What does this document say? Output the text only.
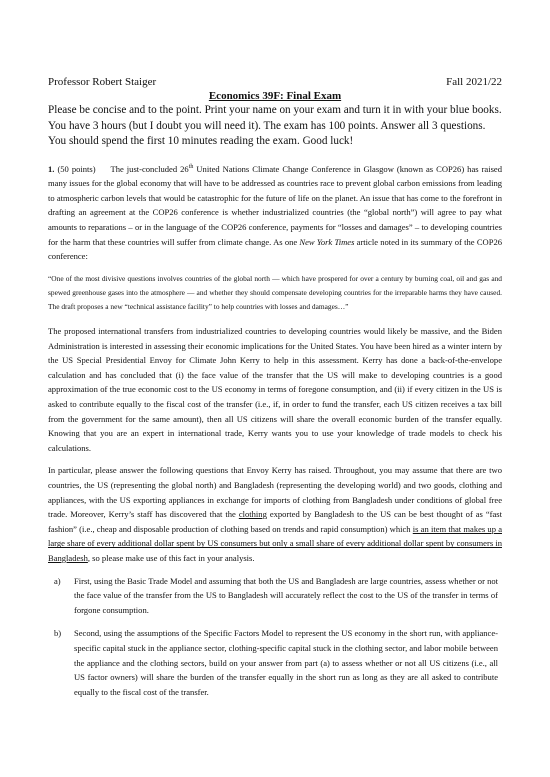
Professor Robert Staiger	Fall 2021/22
Economics 39F: Final Exam

Please be concise and to the point. Print your name on your exam and turn it in with your blue books. You have 3 hours (but I doubt you will need it). The exam has 100 points. Answer all 3 questions. You should spend the first 10 minutes reading the exam. Good luck!

1. (50 points) The just-concluded 26th United Nations Climate Change Conference in Glasgow (known as COP26) has raised many issues for the global economy that will have to be addressed as countries race to prevent global carbon emissions from leading to atmospheric carbon levels that would be catastrophic for the future of life on the planet. An issue that has come to the forefront in drafting an agreement at the COP26 conference is whether industrialized countries (the “global north”) will agree to pay what amounts to reparations – or in the language of the COP26 conference, payments for “losses and damages” – to developing countries for the harm that these countries will suffer from climate change. As one New York Times article noted in its summary of the COP26 conference:

“One of the most divisive questions involves countries of the global north — which have prospered for over a century by burning coal, oil and gas and spewed greenhouse gases into the atmosphere — and whether they should compensate developing countries for the irreparable harms they have caused. The draft proposes a new “technical assistance facility” to help countries with losses and damages…”

The proposed international transfers from industrialized countries to developing countries would likely be massive, and the Biden Administration is interested in assessing their economic implications for the United States. You have been hired as a winter intern by the US Special Presidential Envoy for Climate John Kerry to help in this assessment. Kerry has done a back-of-the-envelope calculation and has concluded that (i) the face value of the transfer that the US will make to developing countries is a good approximation of the true economic cost to the US economy in terms of foregone consumption, and (ii) if every citizen in the US is asked to contribute equally to the fiscal cost of the transfer (i.e., if, in order to fund the transfer, each US citizen receives a tax bill from the government for the same amount), then all US citizens will share the overall economic burden of the transfer equally. Knowing that you are an expert in international trade, Kerry wants you to use your knowledge of trade models to check his calculations.

In particular, please answer the following questions that Envoy Kerry has raised. Throughout, you may assume that there are two countries, the US (representing the global north) and Bangladesh (representing the developing world) and two goods, clothing and appliances, with the US exporting appliances in exchange for imports of clothing from Bangladesh under conditions of global free trade. Moreover, Kerry’s staff has discovered that the clothing exported by Bangladesh to the US can be best thought of as “fast fashion” (i.e., cheap and disposable production of clothing based on trends and rapid consumption) which is an item that makes up a large share of every additional dollar spent by US consumers but only a small share of every additional dollar spent by consumers in Bangladesh, so please make use of this fact in your analysis.

a) First, using the Basic Trade Model and assuming that both the US and Bangladesh are large countries, assess whether or not the face value of the transfer from the US to Bangladesh will accurately reflect the cost to the US of the transfer in terms of forgone consumption.
b) Second, using the assumptions of the Specific Factors Model to represent the US economy in the short run, with appliance-specific capital stuck in the appliance sector, clothing-specific capital stuck in the clothing sector, and labor mobile between the appliance and the clothing sectors, build on your answer from part (a) to assess whether or not all US citizens (i.e., all US factor owners) will share the burden of the transfer equally in the short run as long as they are all asked to contribute equally to the fiscal cost of the transfer.
